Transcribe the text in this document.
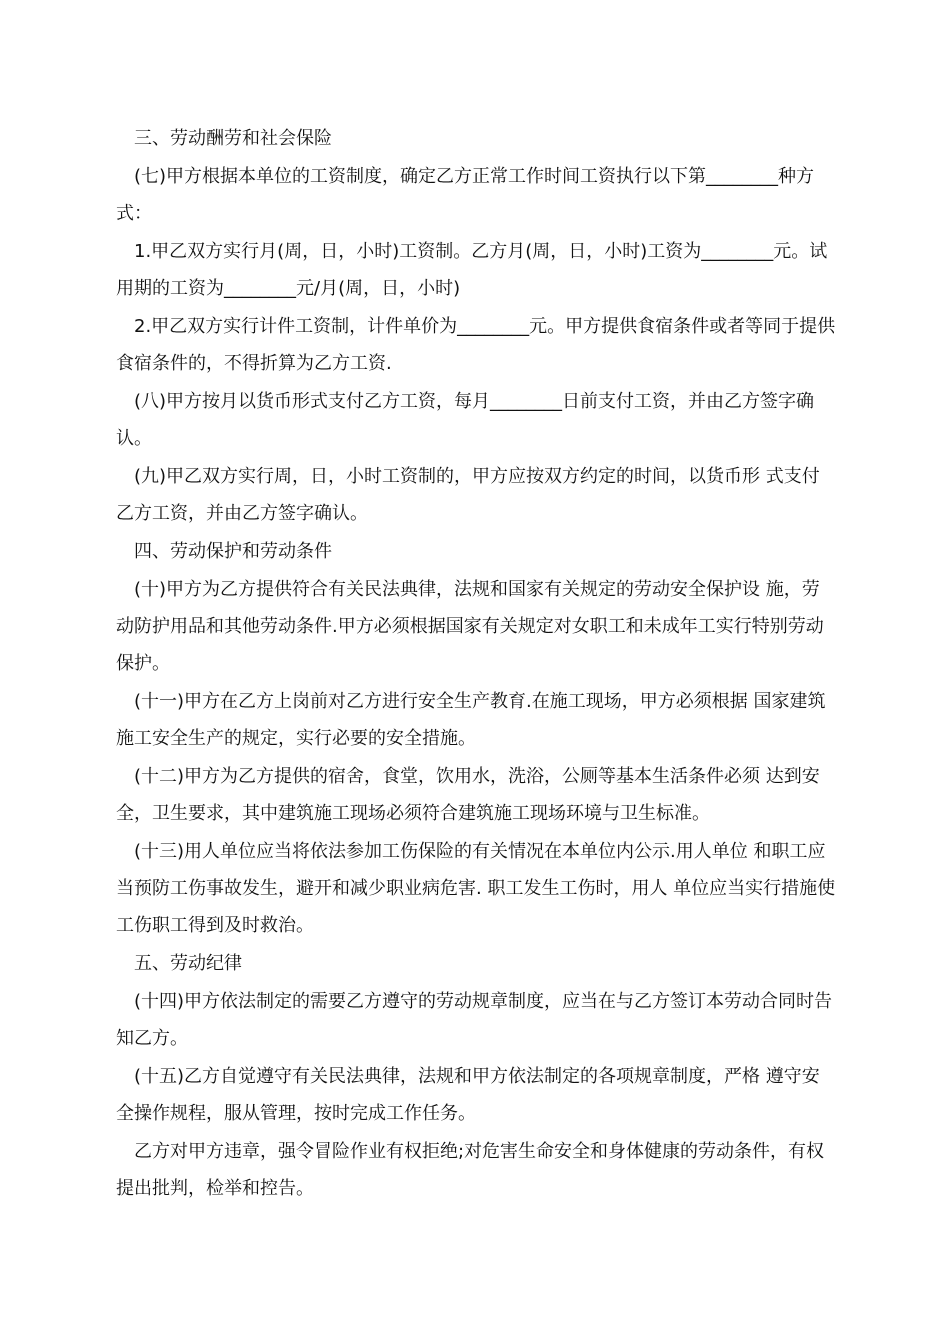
三、劳动酬劳和社会保险

(七)甲方根据本单位的工资制度，确定乙方正常工作时间工资执行以下第________种方式：

1.甲乙双方实行月(周，日，小时)工资制。乙方月(周，日，小时)工资为________元。试用期的工资为________元/月(周，日，小时)

2.甲乙双方实行计件工资制，计件单价为________元。甲方提供食宿条件或者等同于提供食宿条件的，不得折算为乙方工资.

(八)甲方按月以货币形式支付乙方工资，每月________日前支付工资，并由乙方签字确认。

(九)甲乙双方实行周，日，小时工资制的，甲方应按双方约定的时间，以货币形 式支付乙方工资，并由乙方签字确认。

四、劳动保护和劳动条件

(十)甲方为乙方提供符合有关民法典律，法规和国家有关规定的劳动安全保护设 施，劳动防护用品和其他劳动条件.甲方必须根据国家有关规定对女职工和未成年工实行特别劳动保护。

(十一)甲方在乙方上岗前对乙方进行安全生产教育.在施工现场，甲方必须根据 国家建筑施工安全生产的规定，实行必要的安全措施。

(十二)甲方为乙方提供的宿舍，食堂，饮用水，洗浴，公厕等基本生活条件必须 达到安全，卫生要求，其中建筑施工现场必须符合建筑施工现场环境与卫生标准。

(十三)用人单位应当将依法参加工伤保险的有关情况在本单位内公示.用人单位 和职工应当预防工伤事故发生，避开和减少职业病危害. 职工发生工伤时，用人 单位应当实行措施使工伤职工得到及时救治。

五、劳动纪律

(十四)甲方依法制定的需要乙方遵守的劳动规章制度，应当在与乙方签订本劳动合同时告知乙方。

(十五)乙方自觉遵守有关民法典律，法规和甲方依法制定的各项规章制度，严格 遵守安全操作规程，服从管理，按时完成工作任务。

乙方对甲方违章，强令冒险作业有权拒绝;对危害生命安全和身体健康的劳动条件，有权提出批判，检举和控告。
